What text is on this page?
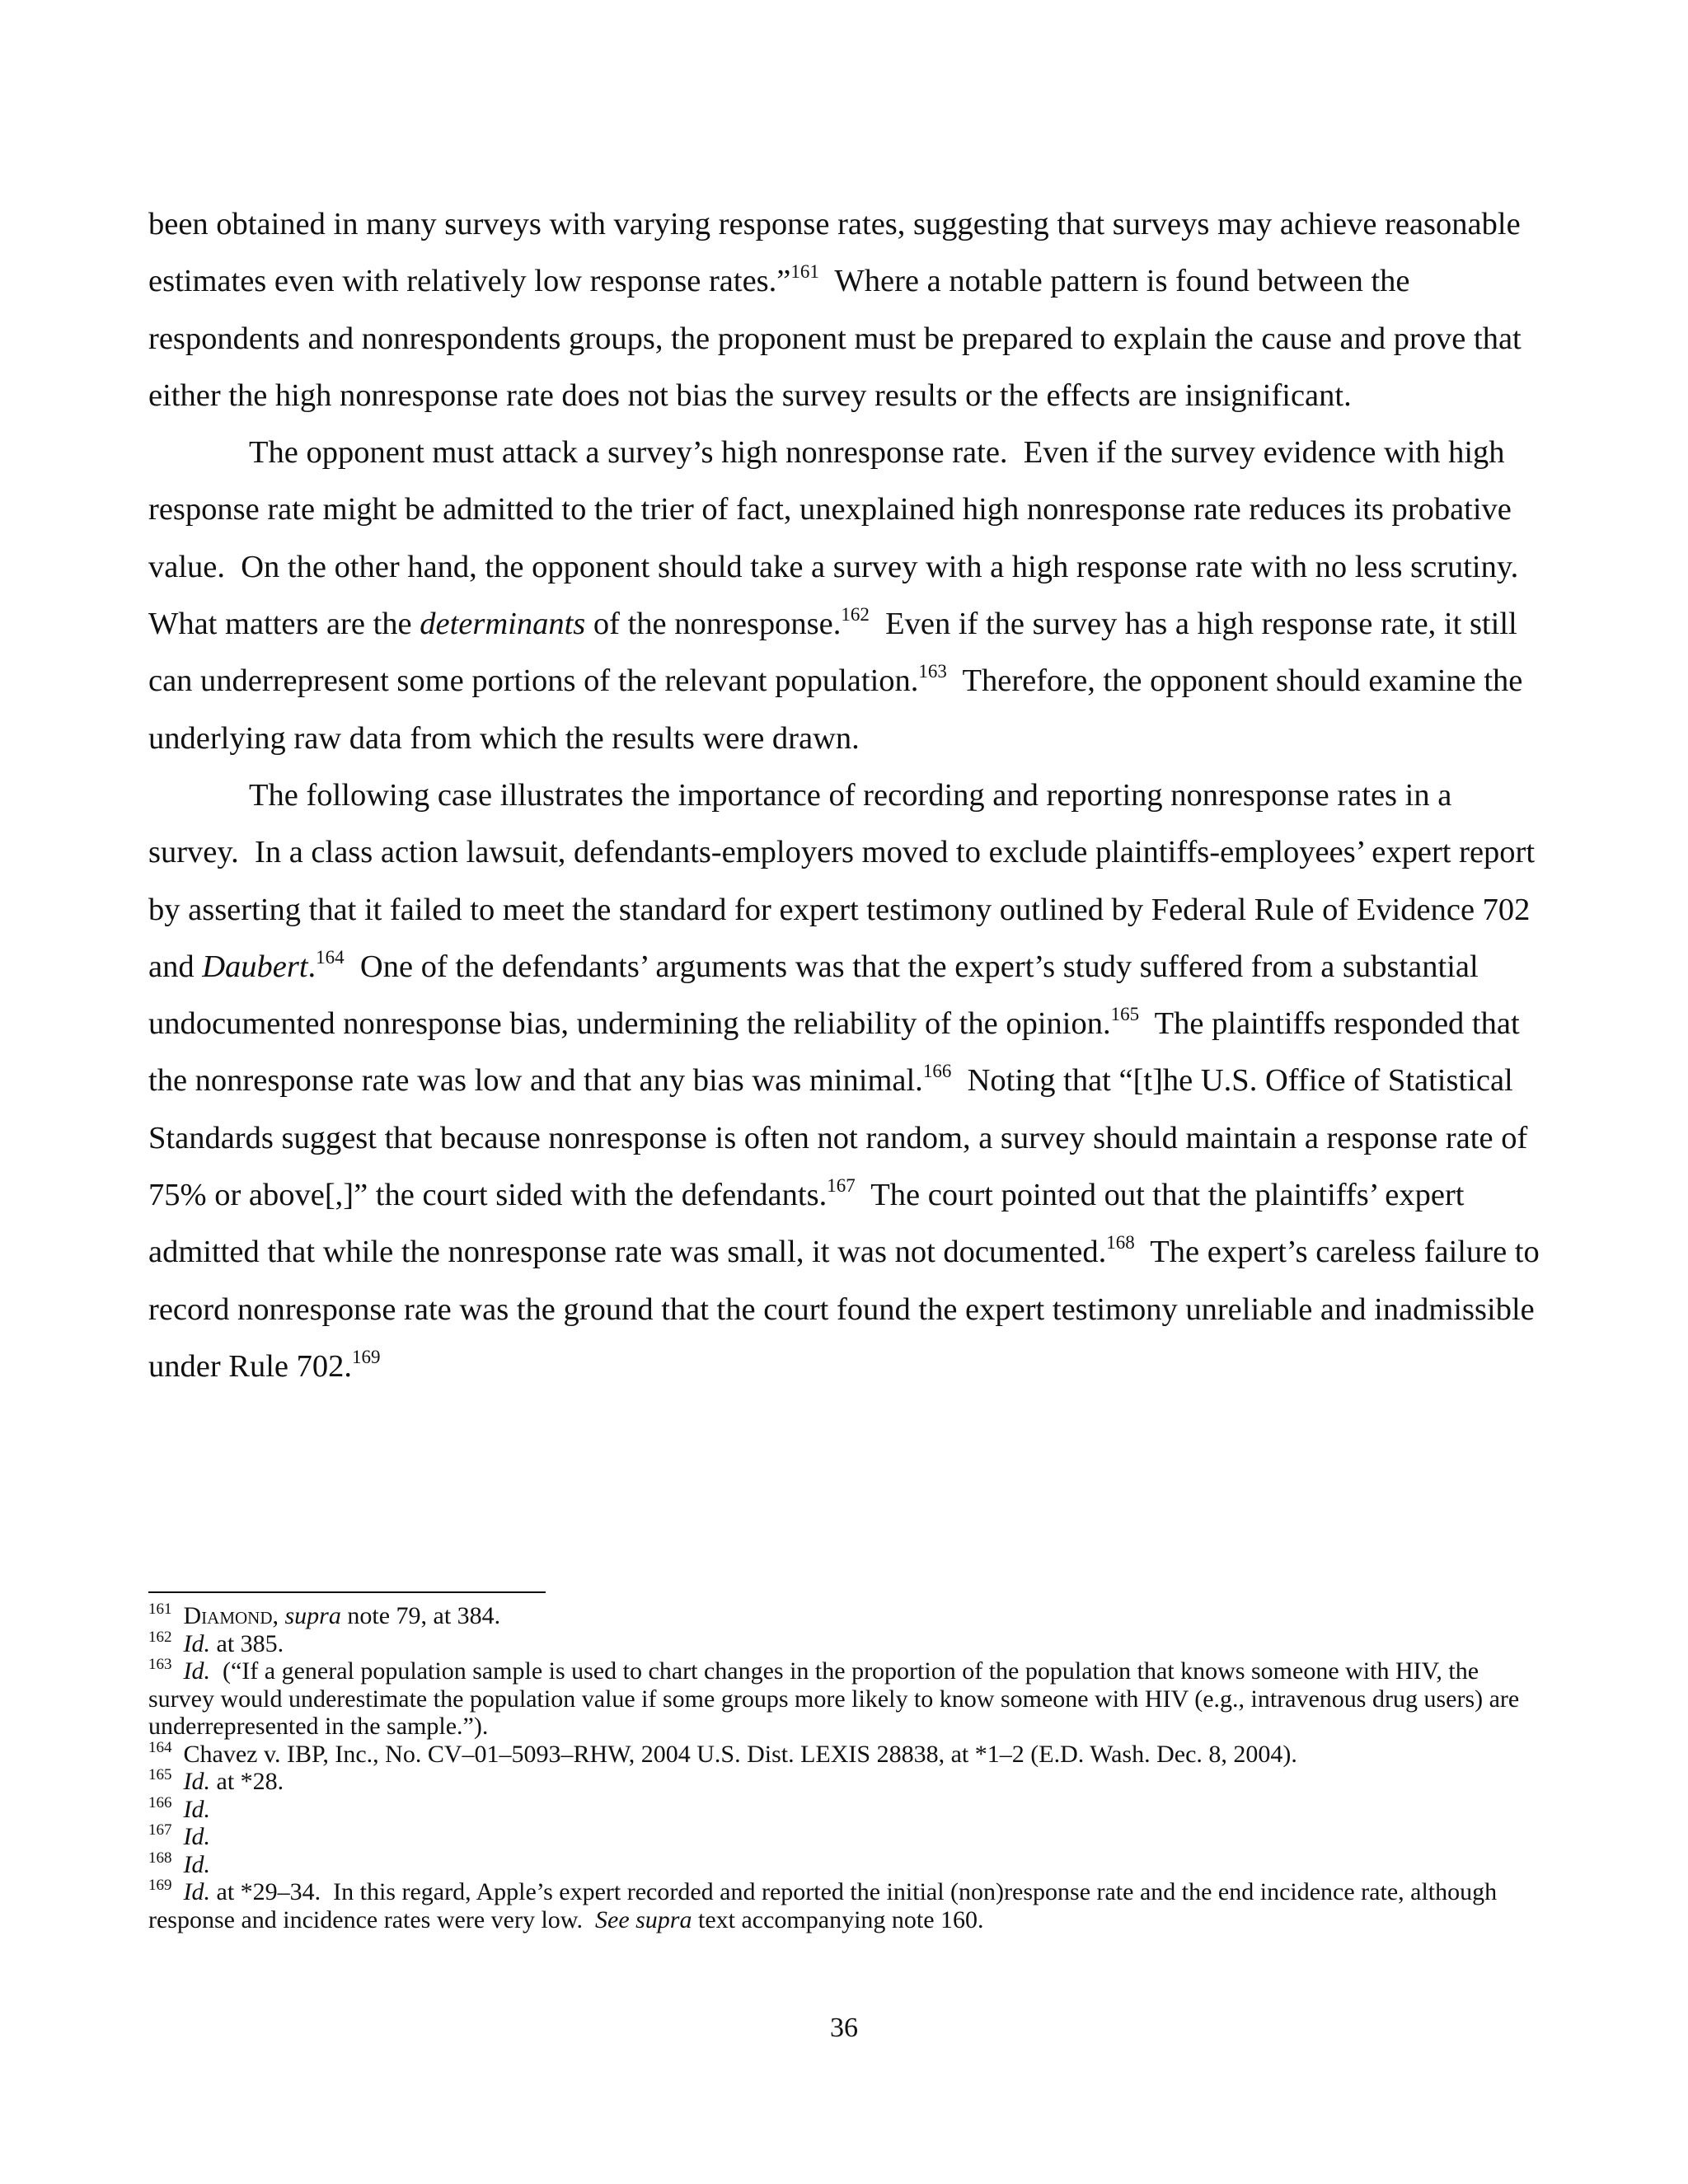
been obtained in many surveys with varying response rates, suggesting that surveys may achieve reasonable estimates even with relatively low response rates.”$^{161}$  Where a notable pattern is found between the respondents and nonrespondents groups, the proponent must be prepared to explain the cause and prove that either the high nonresponse rate does not bias the survey results or the effects are insignificant.

The opponent must attack a survey’s high nonresponse rate.  Even if the survey evidence with high response rate might be admitted to the trier of fact, unexplained high nonresponse rate reduces its probative value.  On the other hand, the opponent should take a survey with a high response rate with no less scrutiny.  What matters are the determinants of the nonresponse.$^{162}$  Even if the survey has a high response rate, it still can underrepresent some portions of the relevant population.$^{163}$  Therefore, the opponent should examine the underlying raw data from which the results were drawn.

The following case illustrates the importance of recording and reporting nonresponse rates in a survey.  In a class action lawsuit, defendants-employers moved to exclude plaintiffs-employees’ expert report by asserting that it failed to meet the standard for expert testimony outlined by Federal Rule of Evidence 702 and Daubert.$^{164}$  One of the defendants’ arguments was that the expert’s study suffered from a substantial undocumented nonresponse bias, undermining the reliability of the opinion.$^{165}$  The plaintiffs responded that the nonresponse rate was low and that any bias was minimal.$^{166}$  Noting that “[t]he U.S. Office of Statistical Standards suggest that because nonresponse is often not random, a survey should maintain a response rate of 75% or above[,]” the court sided with the defendants.$^{167}$  The court pointed out that the plaintiffs’ expert admitted that while the nonresponse rate was small, it was not documented.$^{168}$  The expert’s careless failure to record nonresponse rate was the ground that the court found the expert testimony unreliable and inadmissible under Rule 702.$^{169}$

$^{161}$ Diamond, supra note 79, at 384.

$^{162}$ Id. at 385.

$^{163}$ Id.  (“If a general population sample is used to chart changes in the proportion of the population that knows someone with HIV, the survey would underestimate the population value if some groups more likely to know someone with HIV (e.g., intravenous drug users) are underrepresented in the sample.”).

$^{164}$ Chavez v. IBP, Inc., No. CV–01–5093–RHW, 2004 U.S. Dist. LEXIS 28838, at *1–2 (E.D. Wash. Dec. 8, 2004).

$^{165}$ Id. at *28.

$^{166}$ Id.

$^{167}$ Id.

$^{168}$ Id.

$^{169}$ Id. at *29–34.  In this regard, Apple’s expert recorded and reported the initial (non)response rate and the end incidence rate, although response and incidence rates were very low.  See supra text accompanying note 160.

36
